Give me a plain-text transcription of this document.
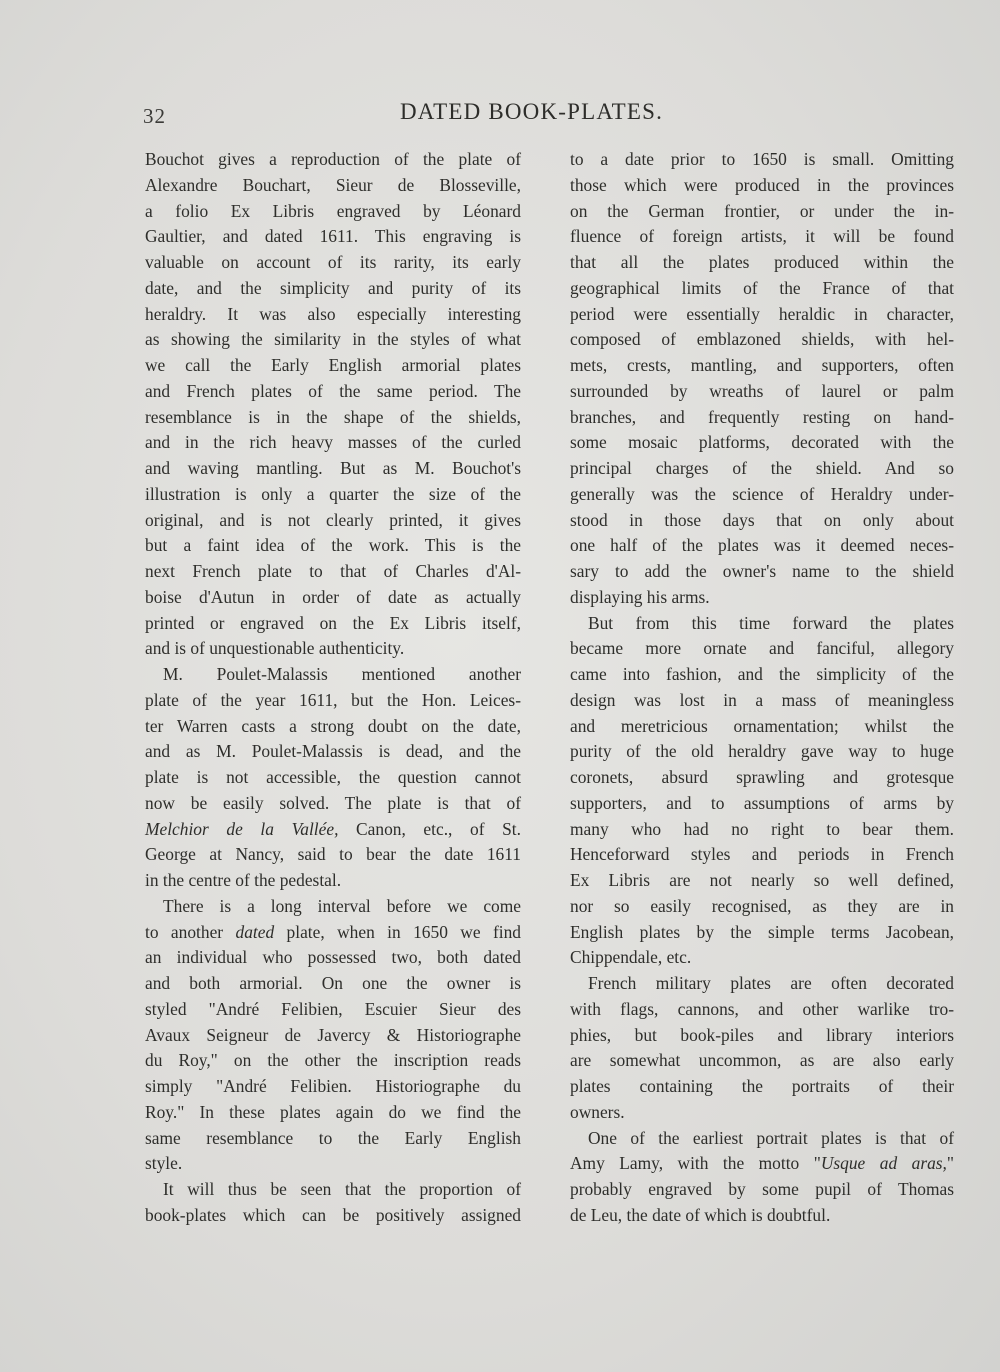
32	DATED BOOK-PLATES.
Bouchot gives a reproduction of the plate of
Alexandre Bouchart, Sieur de Blosseville,
a folio Ex Libris engraved by Léonard
Gaultier, and dated 1611. This engraving is
valuable on account of its rarity, its early
date, and the simplicity and purity of its
heraldry. It was also especially interesting
as showing the similarity in the styles of what
we call the Early English armorial plates
and French plates of the same period. The
resemblance is in the shape of the shields,
and in the rich heavy masses of the curled
and waving mantling. But as M. Bouchot's
illustration is only a quarter the size of the
original, and is not clearly printed, it gives
but a faint idea of the work. This is the
next French plate to that of Charles d'Al-
boise d'Autun in order of date as actually
printed or engraved on the Ex Libris itself,
and is of unquestionable authenticity.
M. Poulet-Malassis mentioned another
plate of the year 1611, but the Hon. Leices-
ter Warren casts a strong doubt on the date,
and as M. Poulet-Malassis is dead, and the
plate is not accessible, the question cannot
now be easily solved. The plate is that of
Melchior de la Vallée, Canon, etc., of St.
George at Nancy, said to bear the date 1611
in the centre of the pedestal.
There is a long interval before we come
to another dated plate, when in 1650 we find
an individual who possessed two, both dated
and both armorial. On one the owner is
styled "André Felibien, Escuier Sieur des
Avaux Seigneur de Javercy & Historiographe
du Roy," on the other the inscription reads
simply "André Felibien. Historiographe du
Roy." In these plates again do we find the
same resemblance to the Early English
style.
It will thus be seen that the proportion of
book-plates which can be positively assigned
to a date prior to 1650 is small. Omitting
those which were produced in the provinces
on the German frontier, or under the in-
fluence of foreign artists, it will be found
that all the plates produced within the
geographical limits of the France of that
period were essentially heraldic in character,
composed of emblazoned shields, with hel-
mets, crests, mantling, and supporters, often
surrounded by wreaths of laurel or palm
branches, and frequently resting on hand-
some mosaic platforms, decorated with the
principal charges of the shield. And so
generally was the science of Heraldry under-
stood in those days that on only about
one half of the plates was it deemed neces-
sary to add the owner's name to the shield
displaying his arms.
But from this time forward the plates
became more ornate and fanciful, allegory
came into fashion, and the simplicity of the
design was lost in a mass of meaningless
and meretricious ornamentation; whilst the
purity of the old heraldry gave way to huge
coronets, absurd sprawling and grotesque
supporters, and to assumptions of arms by
many who had no right to bear them.
Henceforward styles and periods in French
Ex Libris are not nearly so well defined,
nor so easily recognised, as they are in
English plates by the simple terms Jacobean,
Chippendale, etc.
French military plates are often decorated
with flags, cannons, and other warlike tro-
phies, but book-piles and library interiors
are somewhat uncommon, as are also early
plates containing the portraits of their
owners.
One of the earliest portrait plates is that of
Amy Lamy, with the motto "Usque ad aras,"
probably engraved by some pupil of Thomas
de Leu, the date of which is doubtful.
